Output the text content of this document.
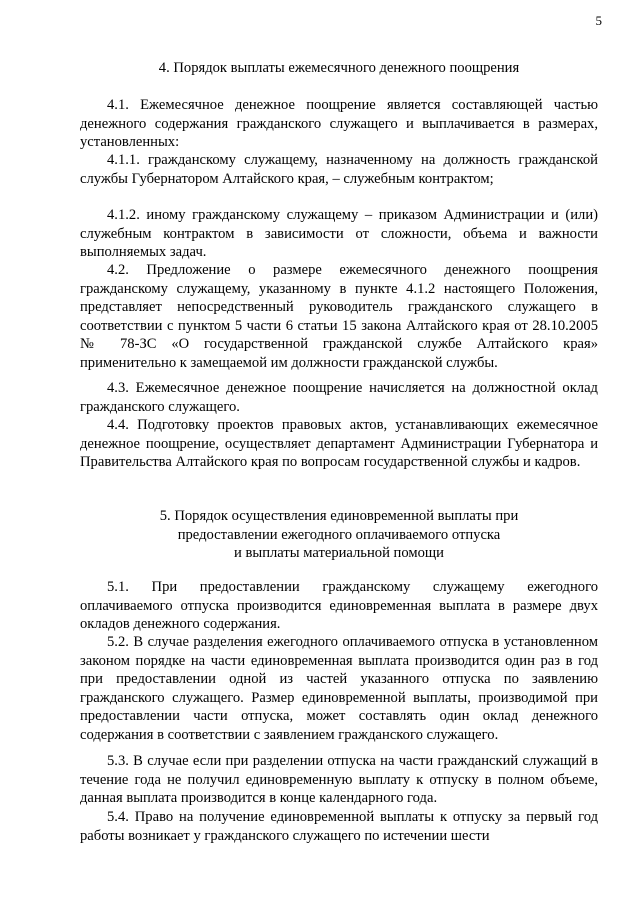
5
4. Порядок выплаты ежемесячного денежного поощрения

4.1. Ежемесячное денежное поощрение является составляющей частью денежного содержания гражданского служащего и выплачивается в размерах, установленных:

4.1.1. гражданскому служащему, назначенному на должность гражданской службы Губернатором Алтайского края, – служебным контрактом;

4.1.2. иному гражданскому служащему – приказом Администрации и (или) служебным контрактом в зависимости от сложности, объема и важности выполняемых задач.

4.2. Предложение о размере ежемесячного денежного поощрения гражданскому служащему, указанному в пункте 4.1.2 настоящего Положения, представляет непосредственный руководитель гражданского служащего в соответствии с пунктом 5 части 6 статьи 15 закона Алтайского края от 28.10.2005 № 78-ЗС «О государственной гражданской службе Алтайского края» применительно к замещаемой им должности гражданской службы.

4.3. Ежемесячное денежное поощрение начисляется на должностной оклад гражданского служащего.

4.4. Подготовку проектов правовых актов, устанавливающих ежемесячное денежное поощрение, осуществляет департамент Администрации Губернатора и Правительства Алтайского края по вопросам государственной службы и кадров.

5. Порядок осуществления единовременной выплаты при
предоставлении ежегодного оплачиваемого отпуска
и выплаты материальной помощи

5.1. При предоставлении гражданскому служащему ежегодного оплачиваемого отпуска производится единовременная выплата в размере двух окладов денежного содержания.

5.2. В случае разделения ежегодного оплачиваемого отпуска в установленном законом порядке на части единовременная выплата производится один раз в год при предоставлении одной из частей указанного отпуска по заявлению гражданского служащего. Размер единовременной выплаты, производимой при предоставлении части отпуска, может составлять один оклад денежного содержания в соответствии с заявлением гражданского служащего.

5.3. В случае если при разделении отпуска на части гражданский служащий в течение года не получил единовременную выплату к отпуску в полном объеме, данная выплата производится в конце календарного года.

5.4. Право на получение единовременной выплаты к отпуску за первый год работы возникает у гражданского служащего по истечении шести
